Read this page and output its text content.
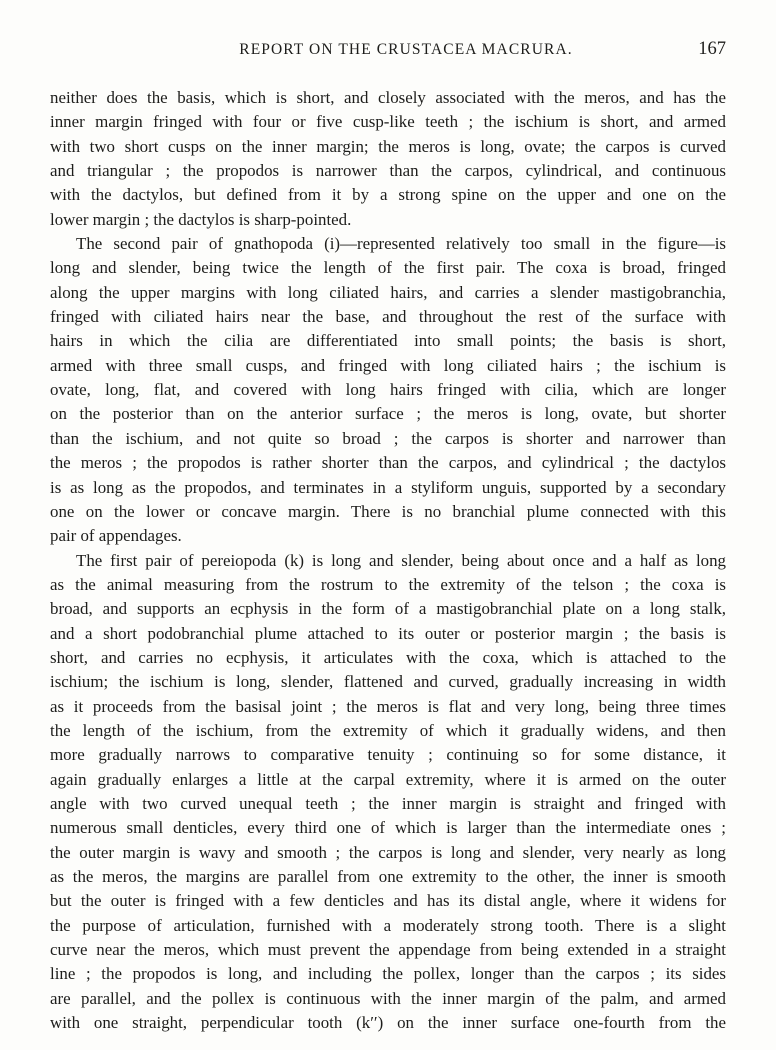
REPORT ON THE CRUSTACEA MACRURA.	167
neither does the basis, which is short, and closely associated with the meros, and has the
inner margin fringed with four or five cusp-like teeth ; the ischium is short, and armed
with two short cusps on the inner margin; the meros is long, ovate; the carpos is curved
and triangular ; the propodos is narrower than the carpos, cylindrical, and continuous
with the dactylos, but defined from it by a strong spine on the upper and one on the
lower margin ; the dactylos is sharp-pointed.
The second pair of gnathopoda (i)—represented relatively too small in the figure—is
long and slender, being twice the length of the first pair. The coxa is broad, fringed
along the upper margins with long ciliated hairs, and carries a slender mastigobranchia,
fringed with ciliated hairs near the base, and throughout the rest of the surface with
hairs in which the cilia are differentiated into small points; the basis is short,
armed with three small cusps, and fringed with long ciliated hairs ; the ischium is
ovate, long, flat, and covered with long hairs fringed with cilia, which are longer
on the posterior than on the anterior surface ; the meros is long, ovate, but shorter
than the ischium, and not quite so broad ; the carpos is shorter and narrower than
the meros ; the propodos is rather shorter than the carpos, and cylindrical ; the dactylos
is as long as the propodos, and terminates in a styliform unguis, supported by a secondary
one on the lower or concave margin. There is no branchial plume connected with this
pair of appendages.
The first pair of pereiopoda (k) is long and slender, being about once and a half as long
as the animal measuring from the rostrum to the extremity of the telson ; the coxa is
broad, and supports an ecphysis in the form of a mastigobranchial plate on a long stalk,
and a short podobranchial plume attached to its outer or posterior margin ; the basis is
short, and carries no ecphysis, it articulates with the coxa, which is attached to the
ischium; the ischium is long, slender, flattened and curved, gradually increasing in width
as it proceeds from the basisal joint ; the meros is flat and very long, being three times
the length of the ischium, from the extremity of which it gradually widens, and then
more gradually narrows to comparative tenuity ; continuing so for some distance, it
again gradually enlarges a little at the carpal extremity, where it is armed on the outer
angle with two curved unequal teeth ; the inner margin is straight and fringed with
numerous small denticles, every third one of which is larger than the intermediate ones ;
the outer margin is wavy and smooth ; the carpos is long and slender, very nearly as long
as the meros, the margins are parallel from one extremity to the other, the inner is smooth
but the outer is fringed with a few denticles and has its distal angle, where it widens for
the purpose of articulation, furnished with a moderately strong tooth. There is a slight
curve near the meros, which must prevent the appendage from being extended in a straight
line ; the propodos is long, and including the pollex, longer than the carpos ; its sides
are parallel, and the pollex is continuous with the inner margin of the palm, and armed
with one straight, perpendicular tooth (k′′) on the inner surface one-fourth from the
